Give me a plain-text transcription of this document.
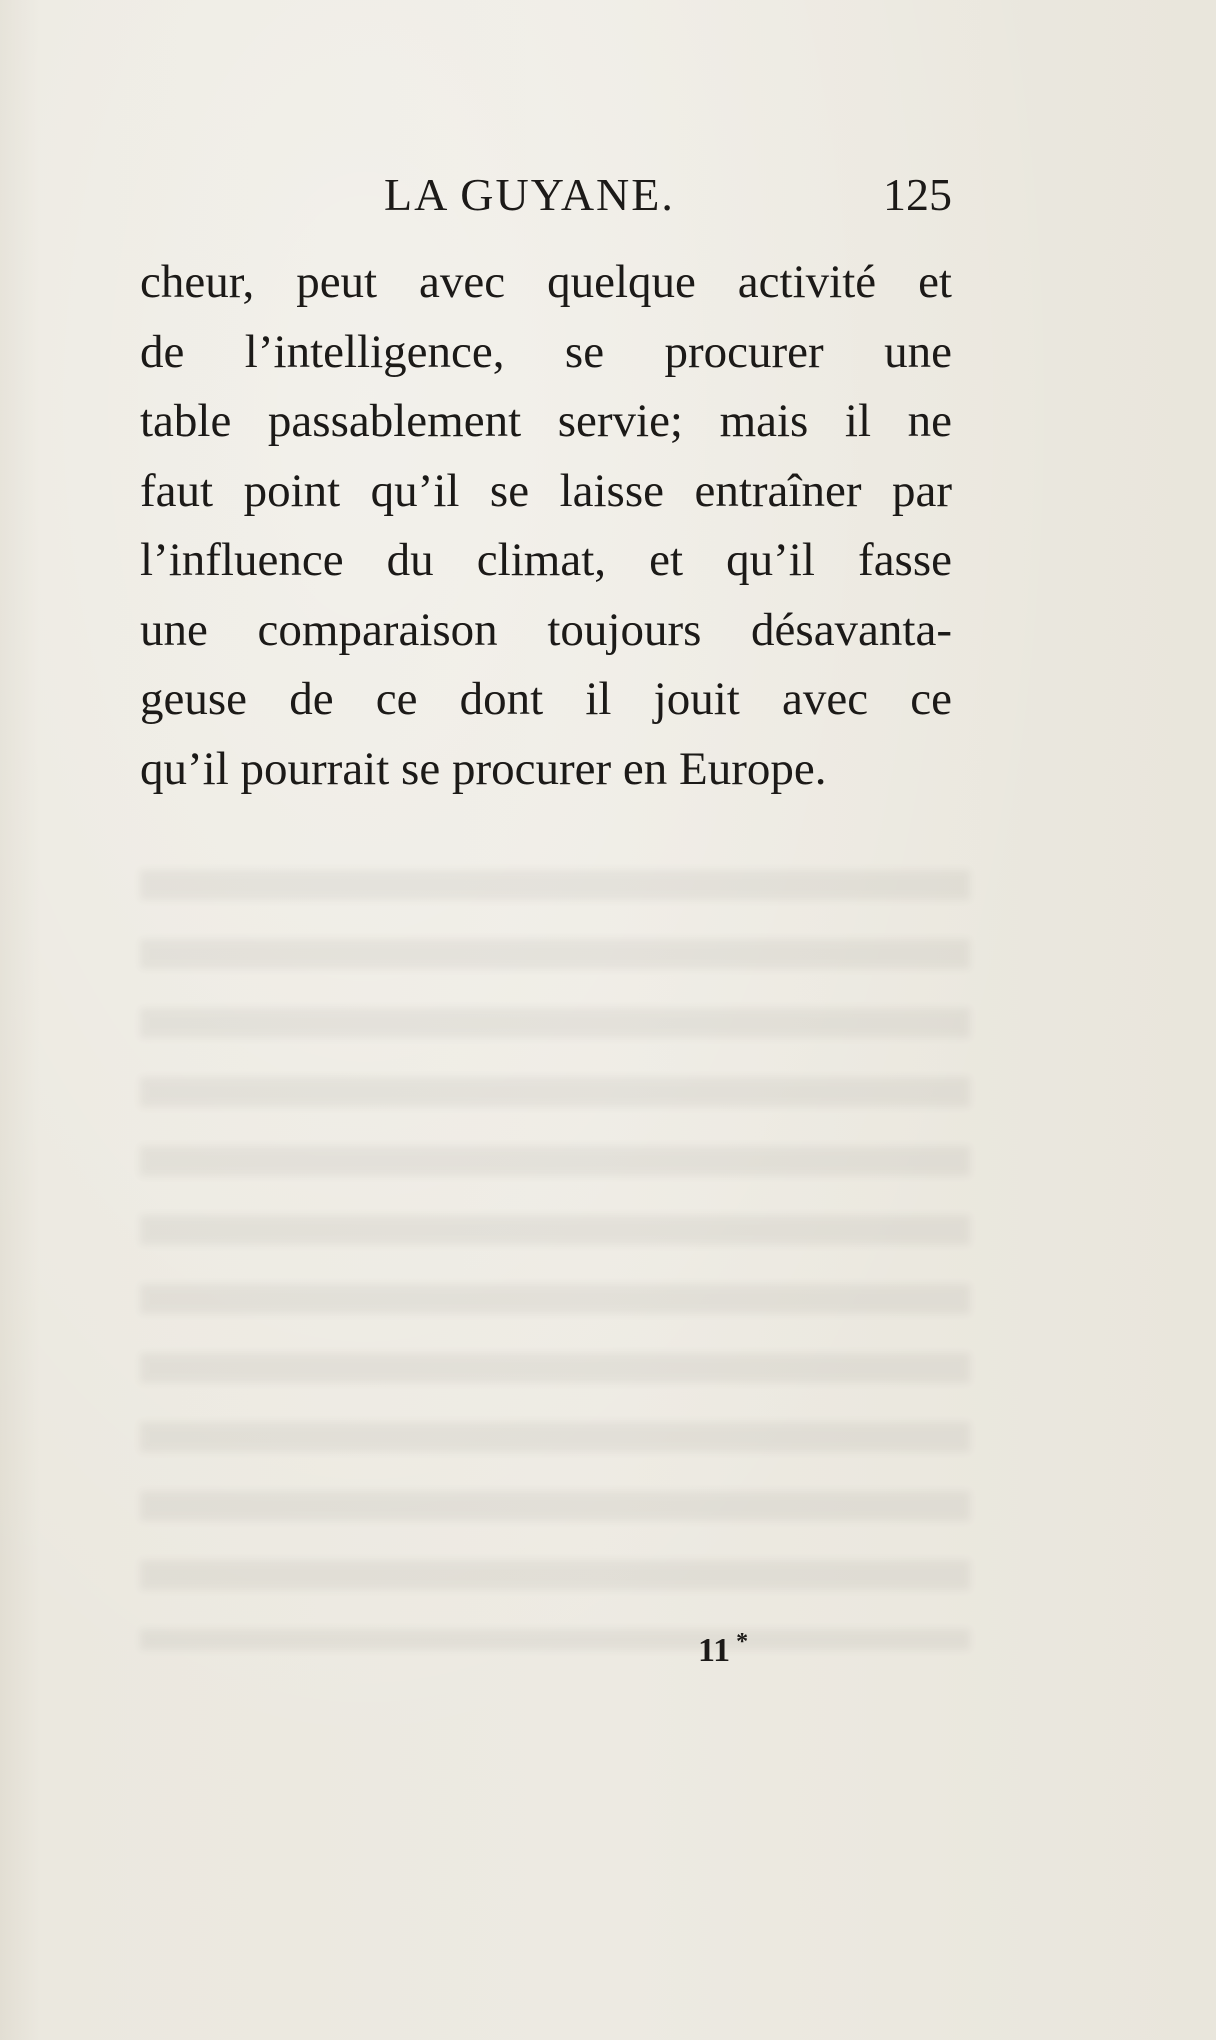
LA GUYANE.	125
cheur, peut avec quelque activité et
de l’intelligence, se procurer une
table passablement servie; mais il ne
faut point qu’il se laisse entraîner par
l’influence du climat, et qu’il fasse
une comparaison toujours désavanta-
geuse de ce dont il jouit avec ce
qu’il pourrait se procurer en Europe.
11 *
